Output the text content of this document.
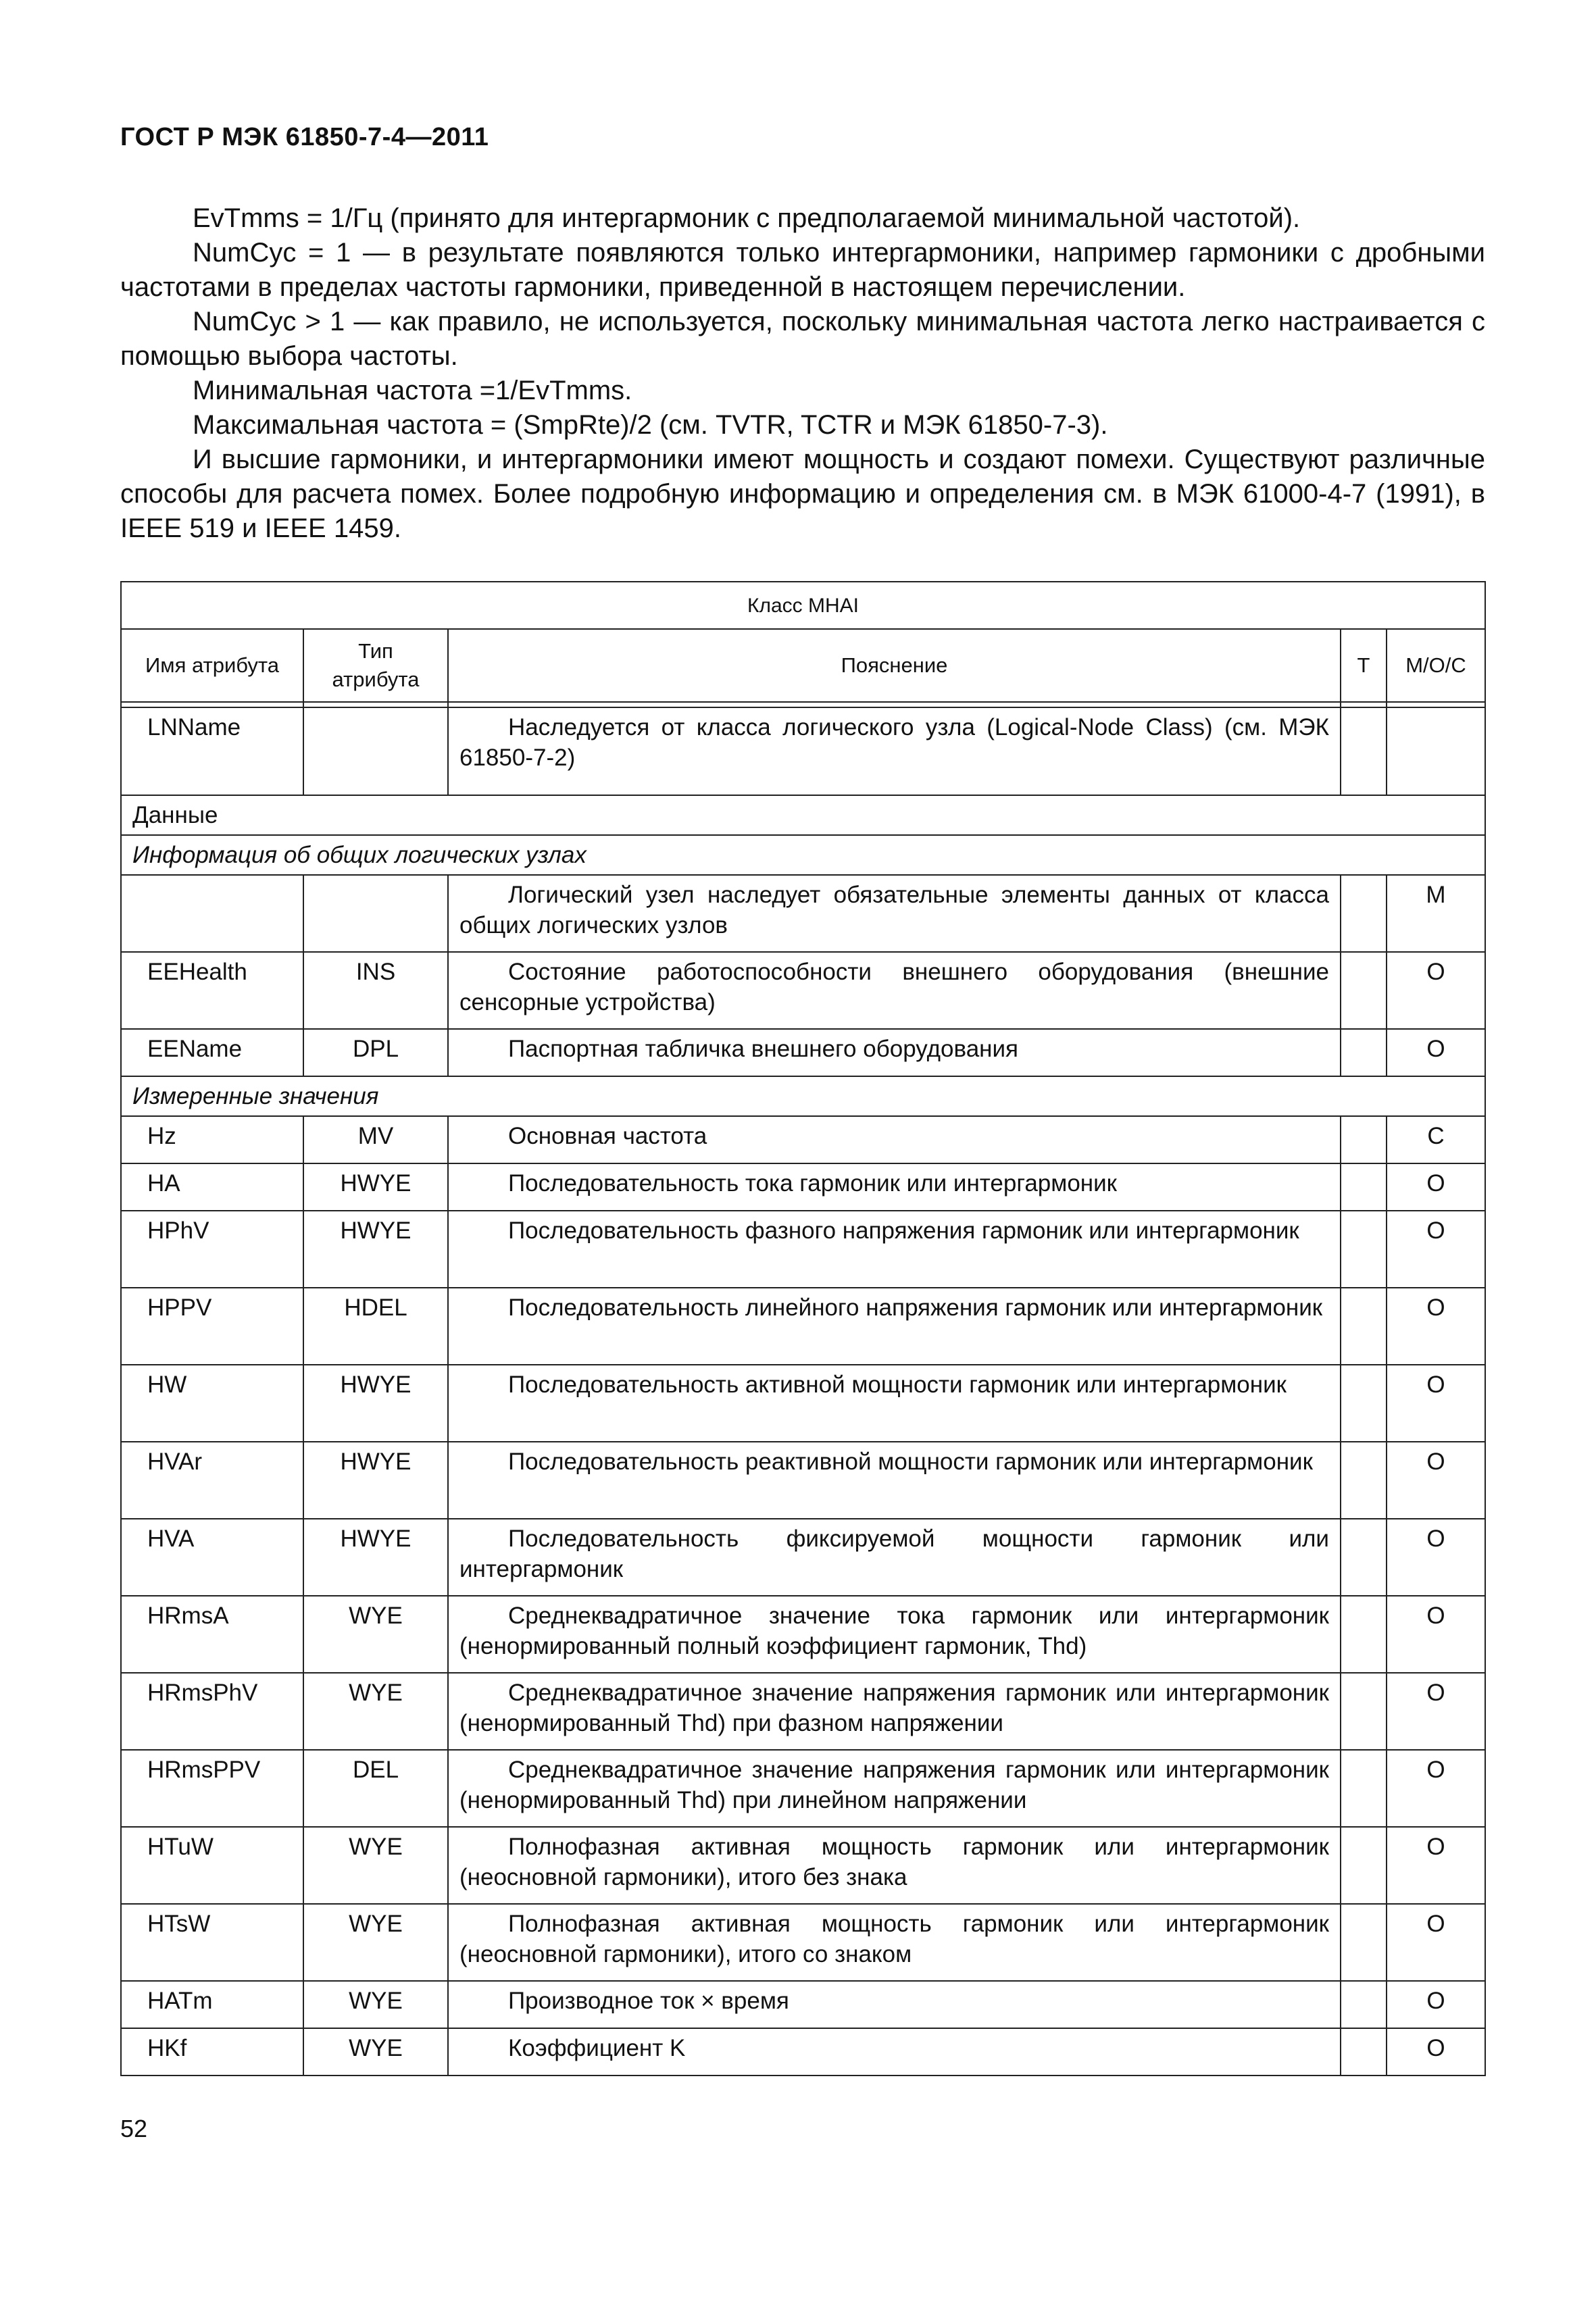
ГОСТ Р МЭК 61850-7-4—2011

EvTmms = 1/Гц (принято для интергармоник с предполагаемой минимальной частотой).

NumCyc = 1 — в результате появляются только интергармоники, например гармоники с дробными частотами в пределах частоты гармоники, приведенной в настоящем перечислении.

NumCyc > 1 — как правило, не используется, поскольку минимальная частота легко настраивается с помощью выбора частоты.

Минимальная частота =1/EvTmms.

Максимальная частота = (SmpRte)/2 (см. TVTR, TCTR и МЭК 61850-7-3).

И высшие гармоники, и интергармоники имеют мощность и создают помехи. Существуют различные способы для расчета помех. Более подробную информацию и определения см. в МЭК 61000-4-7 (1991), в IEEE 519 и IEEE 1459.

Класс MHAI				
Имя атрибута	Тип атрибута	Пояснение	T	M/O/C

LNName		Наследуется от класса логического узла (Logical-Node Class) (см. МЭК 61850-7-2)		
Данные				
Информация об общих логических узлах				
		Логический узел наследует обязательные элементы данных от класса общих логических узлов		M
EEHealth	INS	Состояние работоспособности внешнего оборудования (внешние сенсорные устройства)		O
EEName	DPL	Паспортная табличка внешнего оборудования		O
Измеренные значения				
Hz	MV	Основная частота		C
HA	HWYE	Последовательность тока гармоник или интергармоник		O
HPhV	HWYE	Последовательность фазного напряжения гармоник или интергармоник		O
HPPV	HDEL	Последовательность линейного напряжения гармоник или интергармоник		O
HW	HWYE	Последовательность активной мощности гармоник или интергармоник		O
HVAr	HWYE	Последовательность реактивной мощности гармоник или интергармоник		O
HVA	HWYE	Последовательность фиксируемой мощности гармоник или интергармоник		O
HRmsA	WYE	Среднеквадратичное значение тока гармоник или интергармоник (ненормированный полный коэффициент гармоник, Thd)		O
HRmsPhV	WYE	Среднеквадратичное значение напряжения гармоник или интергармоник (ненормированный Thd) при фазном напряжении		O
HRmsPPV	DEL	Среднеквадратичное значение напряжения гармоник или интергармоник (ненормированный Thd) при линейном напряжении		O
HTuW	WYE	Полнофазная активная мощность гармоник или интергармоник (неосновной гармоники), итого без знака		O
HTsW	WYE	Полнофазная активная мощность гармоник или интергармоник (неосновной гармоники), итого со знаком		O
HATm	WYE	Производное ток × время		O
HKf	WYE	Коэффициент K		O
52
